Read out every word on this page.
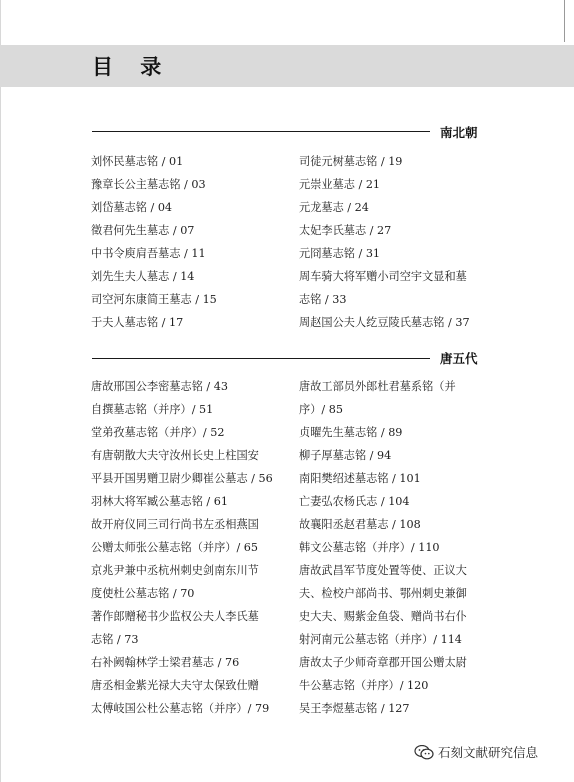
目 录
南北朝
刘怀民墓志铭 / 01
豫章长公主墓志铭 / 03
刘岱墓志铭 / 04
徵君何先生墓志 / 07
中书令庾肩吾墓志 / 11
刘先生夫人墓志 / 14
司空河东康简王墓志 / 15
于夫人墓志铭 / 17
司徒元树墓志铭 / 19
元崇业墓志 / 21
元龙墓志 / 24
太妃李氏墓志 / 27
元冏墓志铭 / 31
周车骑大将军赠小司空宇文显和墓
志铭 / 33
周赵国公夫人纥豆陵氏墓志铭 / 37
唐五代
唐故邢国公李密墓志铭 / 43
自撰墓志铭（并序）/ 51
堂弟孜墓志铭（并序）/ 52
有唐朝散大夫守汝州长史上柱国安
平县开国男赠卫尉少卿崔公墓志 / 56
羽林大将军臧公墓志铭 / 61
故开府仪同三司行尚书左丞相燕国
公赠太师张公墓志铭（并序）/ 65
京兆尹兼中丞杭州刺史剑南东川节
度使杜公墓志铭 / 70
著作郎赠秘书少监权公夫人李氏墓
志铭 / 73
右补阙翰林学士梁君墓志 / 76
唐丞相金紫光禄大夫守太保致仕赠
太傅岐国公杜公墓志铭（并序）/ 79
唐故工部员外郎杜君墓系铭（并
序）/ 85
贞曜先生墓志铭 / 89
柳子厚墓志铭 / 94
南阳樊绍述墓志铭 / 101
亡妻弘农杨氏志 / 104
故襄阳丞赵君墓志 / 108
韩文公墓志铭（并序）/ 110
唐故武昌军节度处置等使、正议大
夫、检校户部尚书、鄂州刺史兼御
史大夫、赐紫金鱼袋、赠尚书右仆
射河南元公墓志铭（并序）/ 114
唐故太子少师奇章郡开国公赠太尉
牛公墓志铭（并序）/ 120
吴王李煜墓志铭 / 127
石刻文献研究信息
